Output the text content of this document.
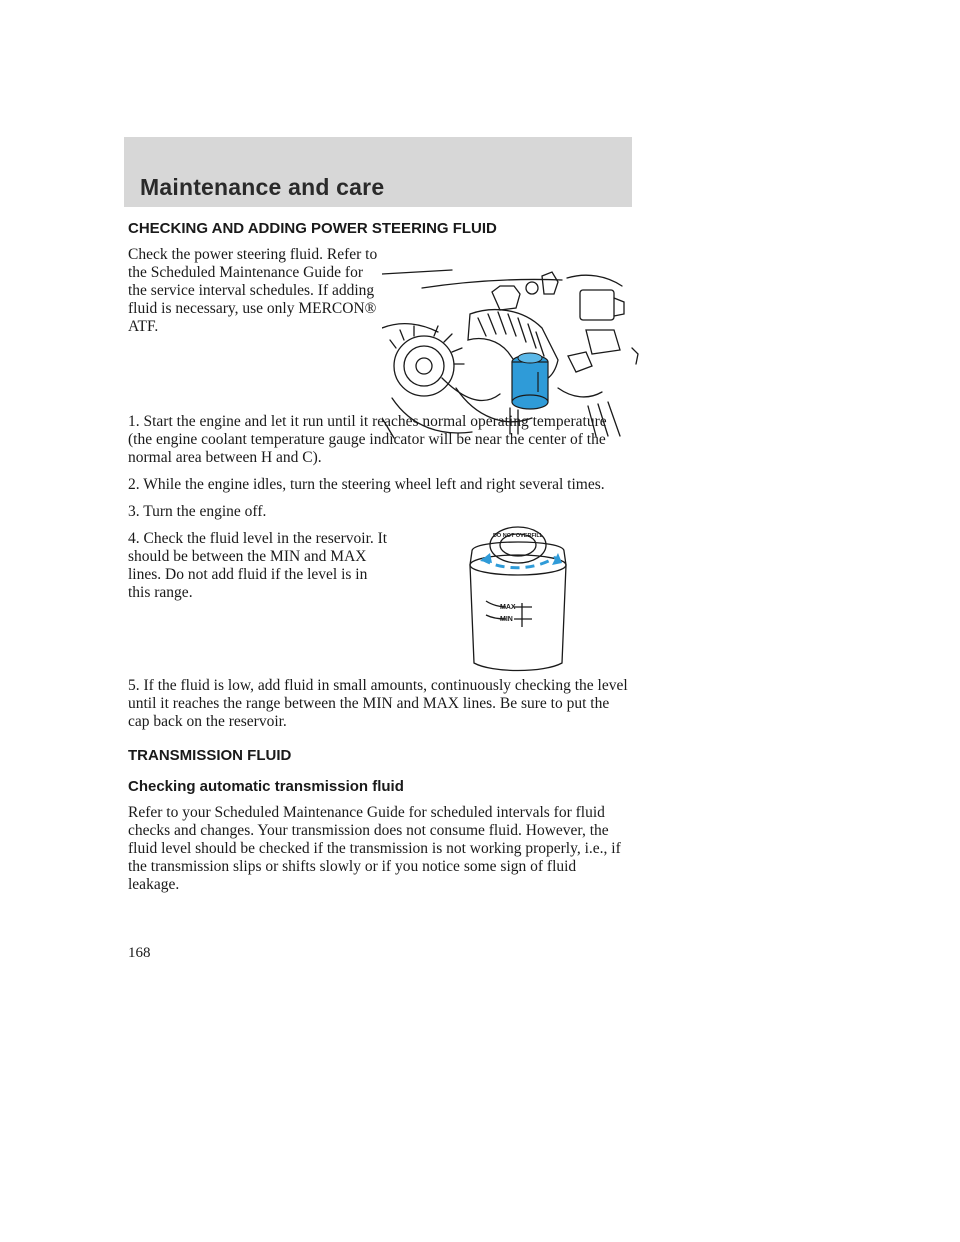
Maintenance and care
CHECKING AND ADDING POWER STEERING FLUID

Check the power steering fluid. Refer to the Scheduled Maintenance Guide for the service interval schedules. If adding fluid is necessary, use only MERCON® ATF.

1. Start the engine and let it run until it reaches normal operating temperature (the engine coolant temperature gauge indicator will be near the center of the normal area between H and C).

2. While the engine idles, turn the steering wheel left and right several times.

3. Turn the engine off.

4. Check the fluid level in the reservoir. It should be between the MIN and MAX lines. Do not add fluid if the level is in this range.

DO NOT OVERFILL
MAX
MIN

5. If the fluid is low, add fluid in small amounts, continuously checking the level until it reaches the range between the MIN and MAX lines. Be sure to put the cap back on the reservoir.

TRANSMISSION FLUID
Checking automatic transmission fluid

Refer to your Scheduled Maintenance Guide for scheduled intervals for fluid checks and changes. Your transmission does not consume fluid. However, the fluid level should be checked if the transmission is not working properly, i.e., if the transmission slips or shifts slowly or if you notice some sign of fluid leakage.

168
